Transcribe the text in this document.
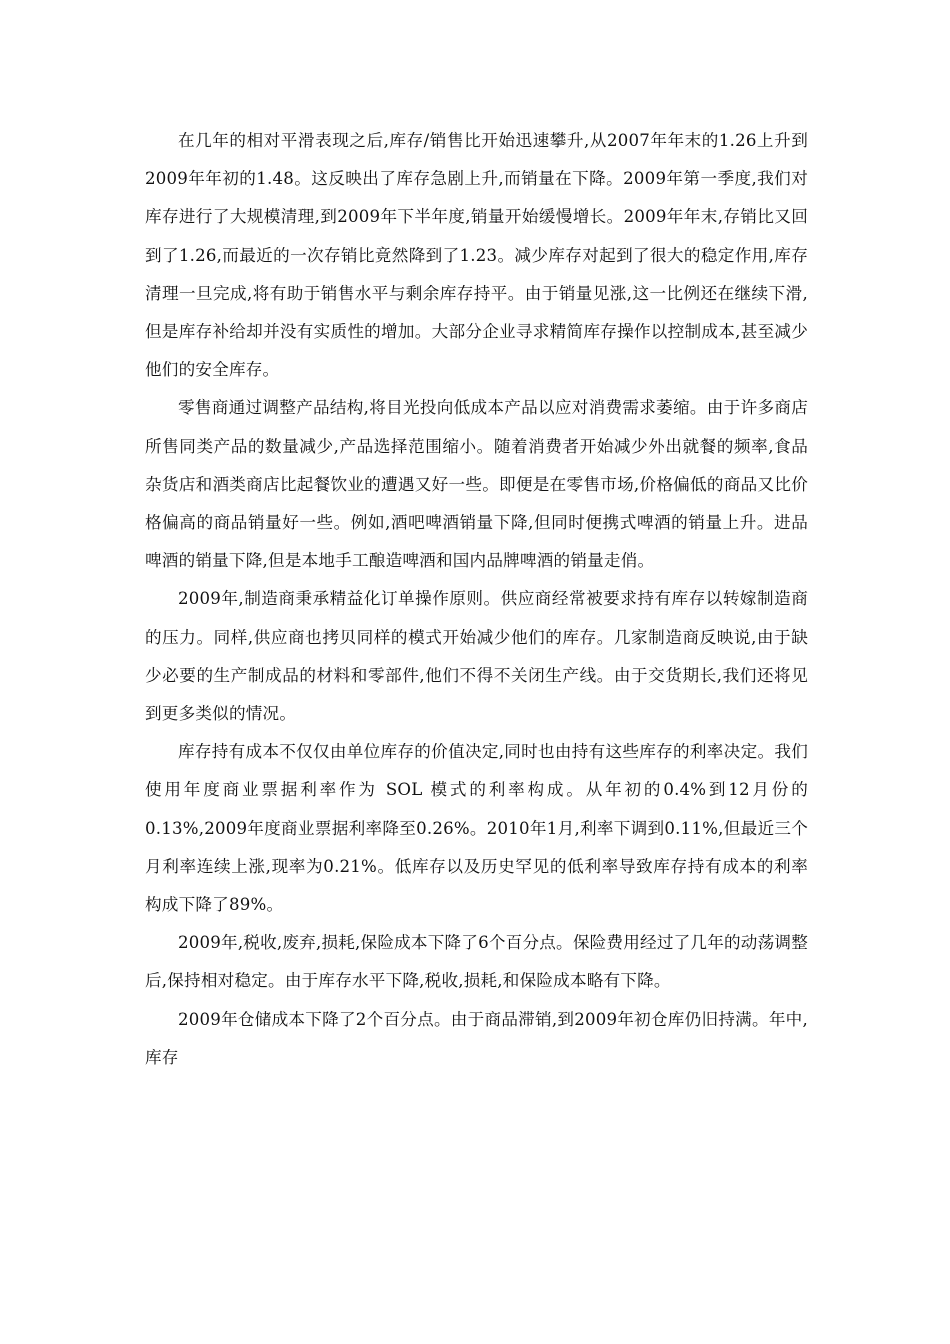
在几年的相对平滑表现之后,库存/销售比开始迅速攀升,从2007年年末的1.26上升到2009年年初的1.48。这反映出了库存急剧上升,而销量在下降。2009年第一季度,我们对库存进行了大规模清理,到2009年下半年度,销量开始缓慢增长。2009年年末,存销比又回到了1.26,而最近的一次存销比竟然降到了1.23。减少库存对起到了很大的稳定作用,库存清理一旦完成,将有助于销售水平与剩余库存持平。由于销量见涨,这一比例还在继续下滑,但是库存补给却并没有实质性的增加。大部分企业寻求精简库存操作以控制成本,甚至减少他们的安全库存。

零售商通过调整产品结构,将目光投向低成本产品以应对消费需求萎缩。由于许多商店所售同类产品的数量减少,产品选择范围缩小。随着消费者开始减少外出就餐的频率,食品杂货店和酒类商店比起餐饮业的遭遇又好一些。即便是在零售市场,价格偏低的商品又比价格偏高的商品销量好一些。例如,酒吧啤酒销量下降,但同时便携式啤酒的销量上升。进品啤酒的销量下降,但是本地手工酿造啤酒和国内品牌啤酒的销量走俏。

2009年,制造商秉承精益化订单操作原则。供应商经常被要求持有库存以转嫁制造商的压力。同样,供应商也拷贝同样的模式开始减少他们的库存。几家制造商反映说,由于缺少必要的生产制成品的材料和零部件,他们不得不关闭生产线。由于交货期长,我们还将见到更多类似的情况。

库存持有成本不仅仅由单位库存的价值决定,同时也由持有这些库存的利率决定。我们使用年度商业票据利率作为 SOL 模式的利率构成。从年初的0.4%到12月份的0.13%,2009年度商业票据利率降至0.26%。2010年1月,利率下调到0.11%,但最近三个月利率连续上涨,现率为0.21%。低库存以及历史罕见的低利率导致库存持有成本的利率构成下降了89%。

2009年,税收,废弃,损耗,保险成本下降了6个百分点。保险费用经过了几年的动荡调整后,保持相对稳定。由于库存水平下降,税收,损耗,和保险成本略有下降。

2009年仓储成本下降了2个百分点。由于商品滞销,到2009年初仓库仍旧持满。年中,库存
